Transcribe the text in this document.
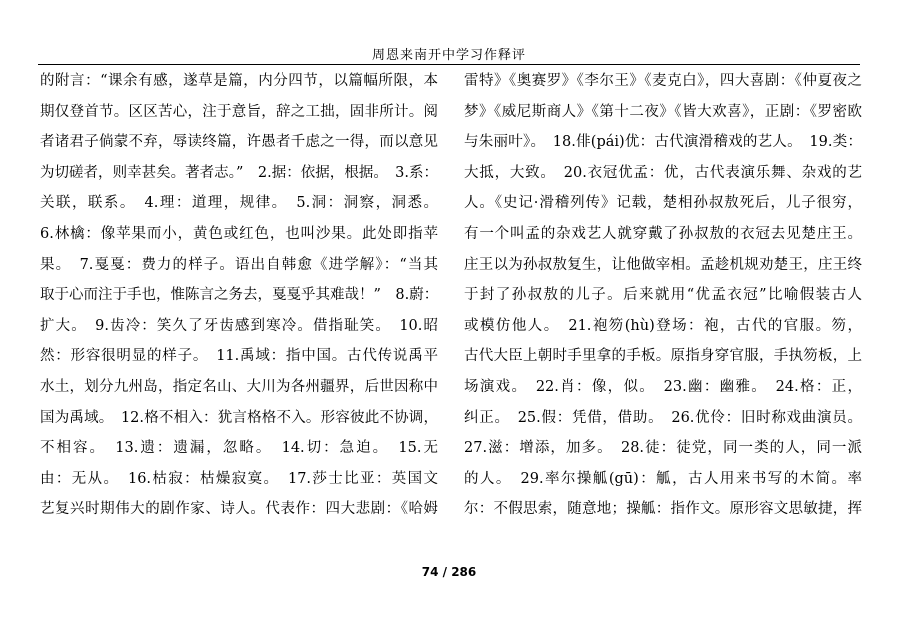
周恩来南开中学习作释评
的附言：“课余有感，遂草是篇，内分四节，以篇幅所限，本
期仅登首节。区区苦心，注于意旨，辞之工拙，固非所计。阅
者诸君子倘蒙不弃，辱读终篇，许愚者千虑之一得，而以意见
为切磋者，则幸甚矣。著者志。”　2.据：依据，根据。　3.系：
关联，联系。　4.理：道理，规律。　5.洞：洞察，洞悉。
6.林檎：像苹果而小，黄色或红色，也叫沙果。此处即指苹
果。　7.戛戛：费力的样子。语出自韩愈《进学解》：“当其
取于心而注于手也，惟陈言之务去，戛戛乎其难哉！”　8.蔚：
扩大。　9.齿冷：笑久了牙齿感到寒冷。借指耻笑。　10.昭
然：形容很明显的样子。　11.禹域：指中国。古代传说禹平
水土，划分九州岛，指定名山、大川为各州疆界，后世因称中
国为禹域。　12.格不相入：犹言格格不入。形容彼此不协调，
不相容。　13.遗：遗漏，忽略。　14.切：急迫。　15.无
由：无从。　16.枯寂：枯燥寂寞。　17.莎士比亚：英国文
艺复兴时期伟大的剧作家、诗人。代表作：四大悲剧：《哈姆
雷特》《奥赛罗》《李尔王》《麦克白》，四大喜剧：《仲夏夜之
梦》《威尼斯商人》《第十二夜》《皆大欢喜》，正剧：《罗密欧
与朱丽叶》。　18.俳(pái)优：古代演滑稽戏的艺人。　19.类：
大抵，大致。　20.衣冠优孟：优，古代表演乐舞、杂戏的艺
人。《史记·滑稽列传》记载，楚相孙叔敖死后，儿子很穷，
有一个叫孟的杂戏艺人就穿戴了孙叔敖的衣冠去见楚庄王。
庄王以为孙叔敖复生，让他做宰相。孟趁机规劝楚王，庄王终
于封了孙叔敖的儿子。后来就用“优孟衣冠”比喻假装古人
或模仿他人。　21.袍笏(hù)登场：袍，古代的官服。笏，
古代大臣上朝时手里拿的手板。原指身穿官服，手执笏板，上
场演戏。　22.肖：像，似。　23.幽：幽雅。　24.格：正，
纠正。　25.假：凭借，借助。　26.优伶：旧时称戏曲演员。
27.滋：增添，加多。　28.徒：徒党，同一类的人，同一派
的人。　29.率尔操觚(gū)：觚，古人用来书写的木简。率
尔：不假思索，随意地；操觚：指作文。原形容文思敏捷，挥
74 / 286
